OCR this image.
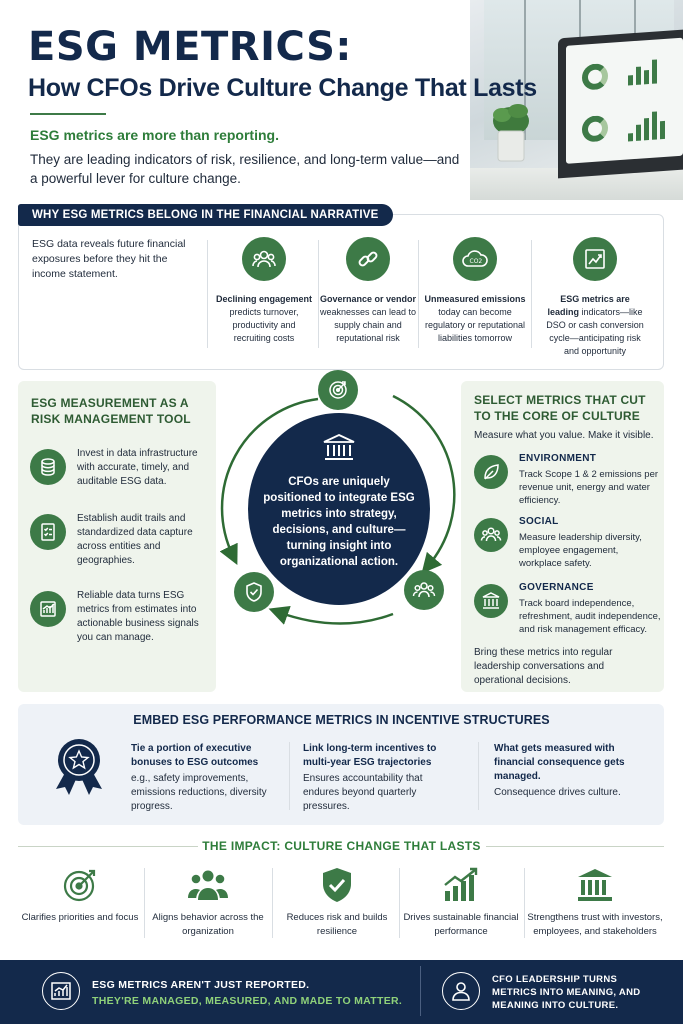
ESG METRICS:
How CFOs Drive Culture Change That Lasts
ESG metrics are more than reporting.
They are leading indicators of risk, resilience, and long-term value—and a powerful lever for culture change.
WHY ESG METRICS BELONG IN THE FINANCIAL NARRATIVE
ESG data reveals future financial exposures before they hit the income statement.
Declining engagement predicts turnover, productivity and recruiting costs
Governance or vendor weaknesses can lead to supply chain and reputational risk
CO2
Unmeasured emissions today can become regulatory or reputational liabilities tomorrow
ESG metrics are leading indicators—like DSO or cash conversion cycle—anticipating risk and opportunity
ESG MEASUREMENT AS A RISK MANAGEMENT TOOL
Invest in data infrastructure with accurate, timely, and auditable ESG data.
Establish audit trails and standardized data capture across entities and geographies.
Reliable data turns ESG metrics from estimates into actionable business signals you can manage.
CFOs are uniquely positioned to integrate ESG metrics into strategy, decisions, and culture—turning insight into organizational action.
SELECT METRICS THAT CUT TO THE CORE OF CULTURE
Measure what you value. Make it visible.
ENVIRONMENT
Track Scope 1 & 2 emissions per revenue unit, energy and water efficiency.
SOCIAL
Measure leadership diversity, employee engagement, workplace safety.
GOVERNANCE
Track board independence, refreshment, audit independence, and risk management efficacy.
Bring these metrics into regular leadership conversations and operational decisions.
EMBED ESG PERFORMANCE METRICS IN INCENTIVE STRUCTURES
Tie a portion of executive bonuses to ESG outcomes
e.g., safety improvements, emissions reductions, diversity progress.
Link long-term incentives to multi-year ESG trajectories
Ensures accountability that endures beyond quarterly pressures.
What gets measured with financial consequence gets managed.
Consequence drives culture.
THE IMPACT: CULTURE CHANGE THAT LASTS
Clarifies priorities and focus	Aligns behavior across the organization
Reduces risk and builds resilience
Drives sustainable financial performance
Strengthens trust with investors, employees, and stakeholders
ESG METRICS AREN'T JUST REPORTED.
THEY'RE MANAGED, MEASURED, AND MADE TO MATTER.
CFO LEADERSHIP TURNS METRICS INTO MEANING, AND MEANING INTO CULTURE.
